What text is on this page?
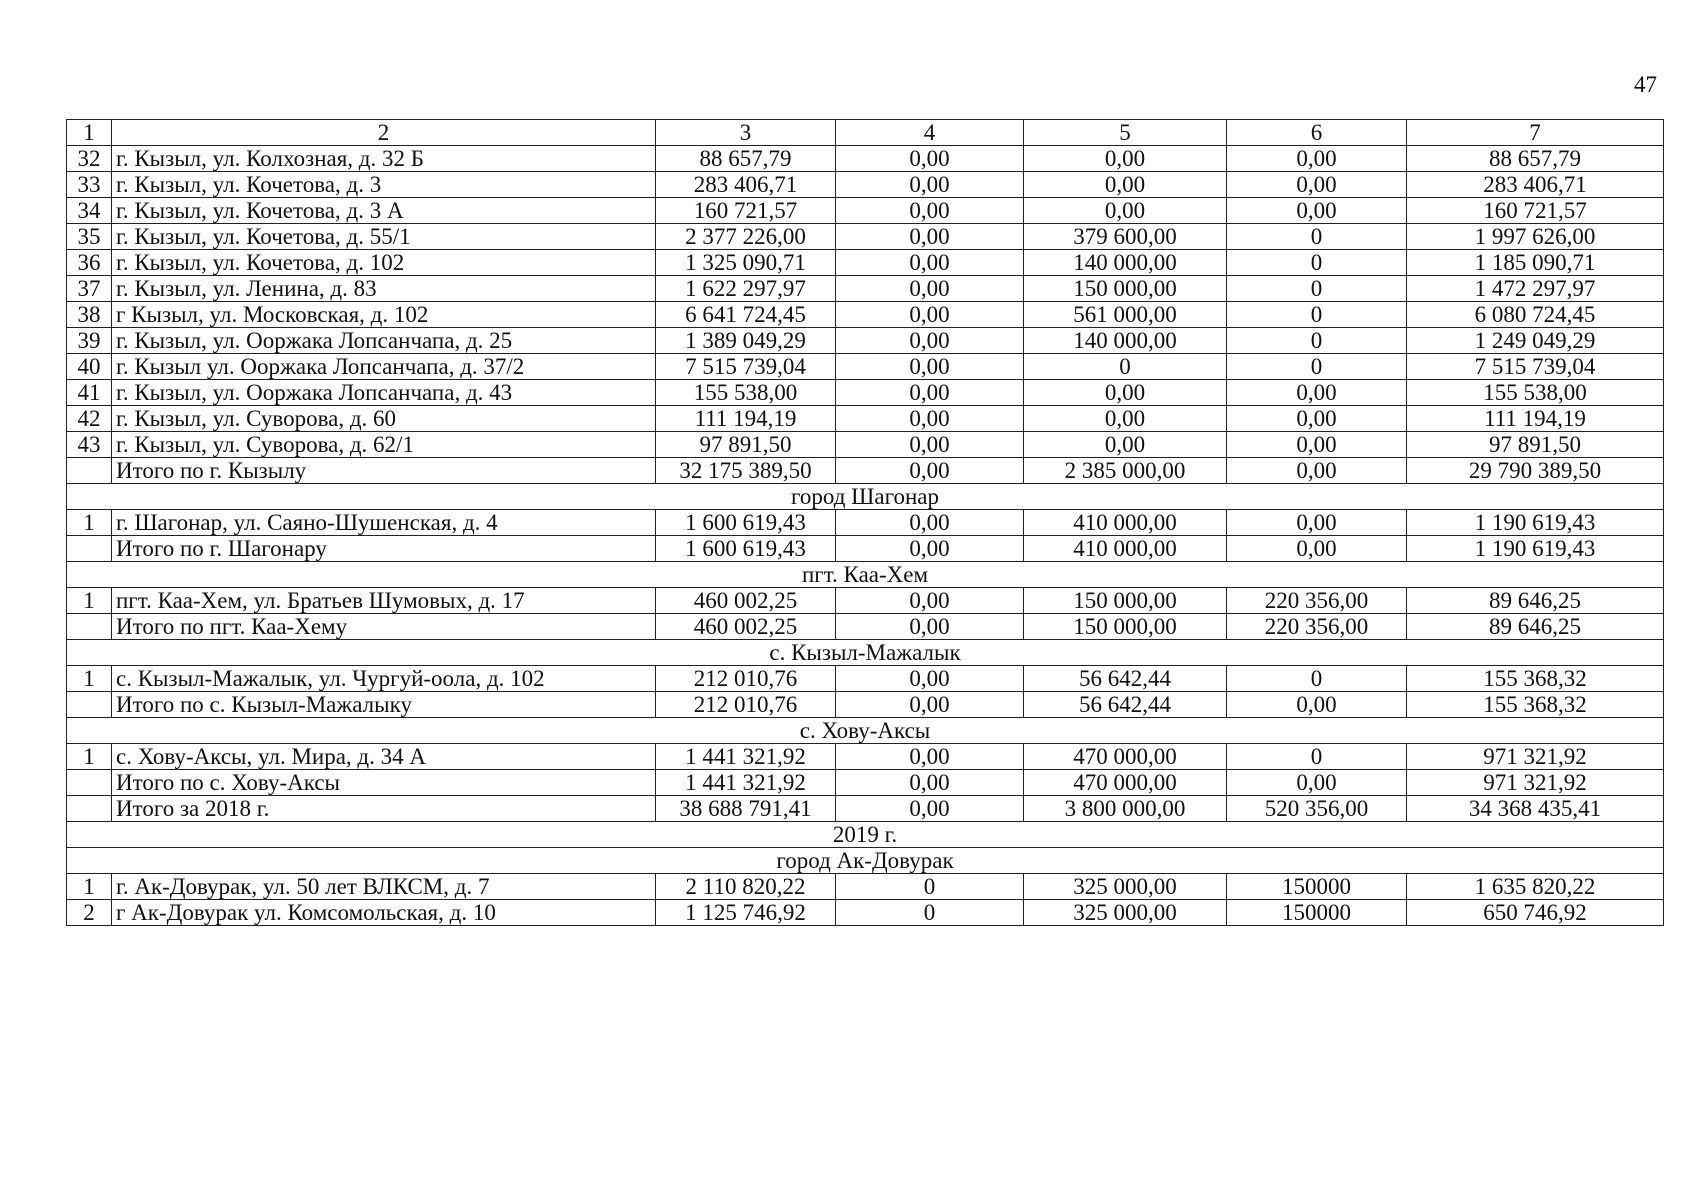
47
1	2	3	4	5	6	7
32	г. Кызыл, ул. Колхозная, д. 32 Б	88 657,79	0,00	0,00	0,00	88 657,79
33	г. Кызыл, ул. Кочетова, д. 3	283 406,71	0,00	0,00	0,00	283 406,71
34	г. Кызыл, ул. Кочетова, д. 3 А	160 721,57	0,00	0,00	0,00	160 721,57
35	г. Кызыл, ул. Кочетова, д. 55/1	2 377 226,00	0,00	379 600,00	0	1 997 626,00
36	г. Кызыл, ул. Кочетова, д. 102	1 325 090,71	0,00	140 000,00	0	1 185 090,71
37	г. Кызыл, ул. Ленина, д. 83	1 622 297,97	0,00	150 000,00	0	1 472 297,97
38	г Кызыл, ул. Московская, д. 102	6 641 724,45	0,00	561 000,00	0	6 080 724,45
39	г. Кызыл, ул. Ооржака Лопсанчапа, д. 25	1 389 049,29	0,00	140 000,00	0	1 249 049,29
40	г. Кызыл ул. Ооржака Лопсанчапа, д. 37/2	7 515 739,04	0,00	0	0	7 515 739,04
41	г. Кызыл, ул. Ооржака Лопсанчапа, д. 43	155 538,00	0,00	0,00	0,00	155 538,00
42	г. Кызыл, ул. Суворова, д. 60	111 194,19	0,00	0,00	0,00	111 194,19
43	г. Кызыл, ул. Суворова, д. 62/1	97 891,50	0,00	0,00	0,00	97 891,50
	Итого по г. Кызылу	32 175 389,50	0,00	2 385 000,00	0,00	29 790 389,50
город Шагонар						
1	г. Шагонар, ул. Саяно-Шушенская, д. 4	1 600 619,43	0,00	410 000,00	0,00	1 190 619,43
	Итого по г. Шагонару	1 600 619,43	0,00	410 000,00	0,00	1 190 619,43
пгт. Каа-Хем						
1	пгт. Каа-Хем, ул. Братьев Шумовых, д. 17	460 002,25	0,00	150 000,00	220 356,00	89 646,25
	Итого по пгт. Каа-Хему	460 002,25	0,00	150 000,00	220 356,00	89 646,25
с. Кызыл-Мажалык						
1	с. Кызыл-Мажалык, ул. Чургуй-оола, д. 102	212 010,76	0,00	56 642,44	0	155 368,32
	Итого по с. Кызыл-Мажалыку	212 010,76	0,00	56 642,44	0,00	155 368,32
с. Хову-Аксы						
1	с. Хову-Аксы, ул. Мира, д. 34 А	1 441 321,92	0,00	470 000,00	0	971 321,92
	Итого по с. Хову-Аксы	1 441 321,92	0,00	470 000,00	0,00	971 321,92
	Итого за 2018 г.	38 688 791,41	0,00	3 800 000,00	520 356,00	34 368 435,41
2019 г.						
город Ак-Довурак						
1	г. Ак-Довурак, ул. 50 лет ВЛКСМ, д. 7	2 110 820,22	0	325 000,00	150000	1 635 820,22
2	г Ак-Довурак ул. Комсомольская, д. 10	1 125 746,92	0	325 000,00	150000	650 746,92
